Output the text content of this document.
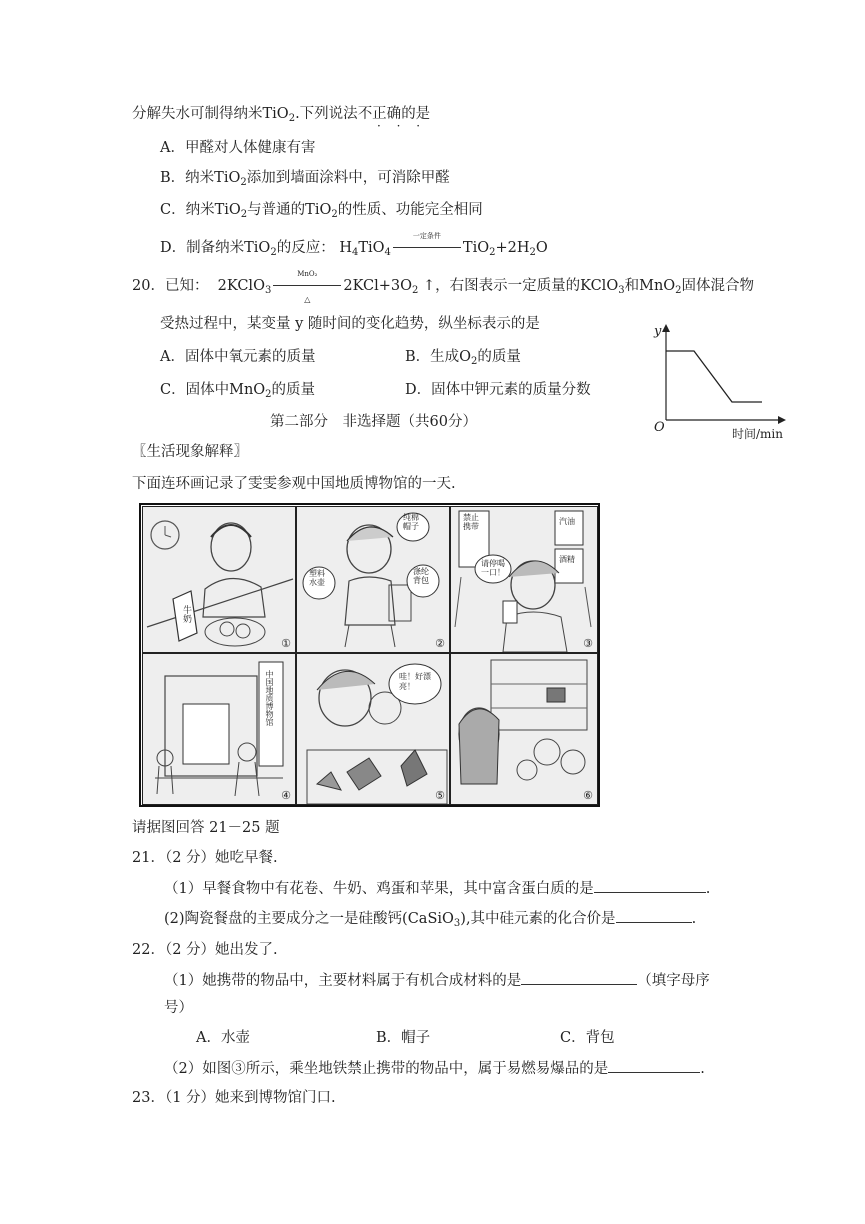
分解失水可制得纳米TiO$_2$.下列说法不正确的是
· · ·
A．甲醛对人体健康有害
B．纳米TiO$_2$添加到墙面涂料中，可消除甲醛
C．纳米TiO$_2$与普通的TiO$_2$的性质、功能完全相同
D．制备纳米TiO$_2$的反应： $H_4TiO_4$
一定条件
$TiO_2+2H_2O$
20．已知： 2KClO$_3$
MnO₂
△
$2KCl+3O_2$ ↑，右图表示一定质量的KClO$_3$和MnO$_2$固体混合物
受热过程中，某变量 y 随时间的变化趋势，纵坐标表示的是
A．固体中氧元素的质量	B．生成$O_2$的质量
C．固体中MnO$_2$的质量	D．固体中钾元素的质量分数
y
O	时间/min
第二部分　非选择题（共60分）
〖生活现象解释〗
下面连环画记录了雯雯参观中国地质博物馆的一天.
牛奶
①
纯棉帽子
塑料水壶
涤纶背包
②
禁止携带
汽油
酒精
请停喝一口！
③
中国地质博物馆
④
哇！好漂亮！
⑤	⑥
请据图回答 21－25 题
21．（2 分）她吃早餐.
（1）早餐食物中有花卷、牛奶、鸡蛋和苹果，其中富含蛋白质的是	.
(2)陶瓷餐盘的主要成分之一是硅酸钙(CaSiO$_3$),其中硅元素的化合价是	.
22．（2 分）她出发了.
（1）她携带的物品中，主要材料属于有机合成材料的是	（填字母序
号）
A．水壶	B．帽子	C．背包
（2）如图③所示，乘坐地铁禁止携带的物品中，属于易燃易爆品的是	.
23．（1 分）她来到博物馆门口.
